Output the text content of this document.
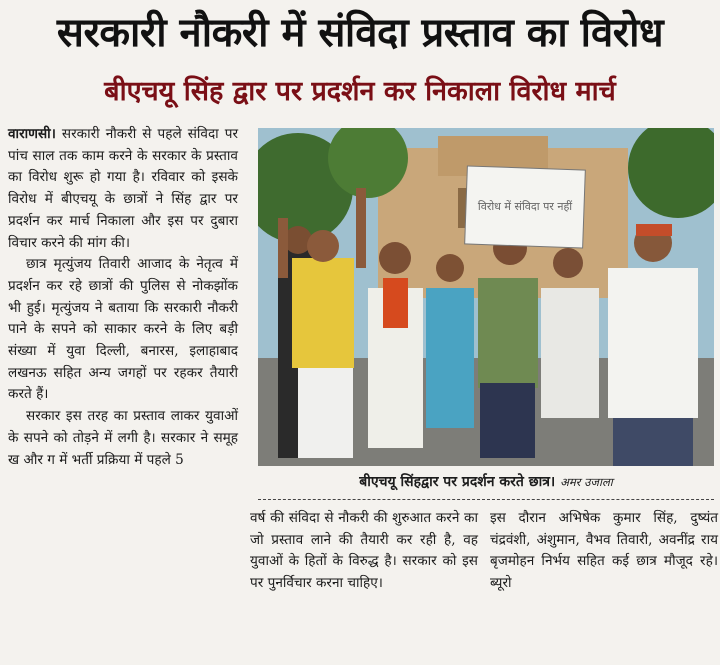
सरकारी नौकरी में संविदा प्रस्ताव का विरोध
बीएचयू सिंह द्वार पर प्रदर्शन कर निकाला विरोध मार्च

वाराणसी। सरकारी नौकरी से पहले संविदा पर पांच साल तक काम करने के सरकार के प्रस्ताव का विरोध शुरू हो गया है। रविवार को इसके विरोध में बीएचयू के छात्रों ने सिंह द्वार पर प्रदर्शन कर मार्च निकाला और इस पर दुबारा विचार करने की मांग की।

छात्र मृत्युंजय तिवारी आजाद के नेतृत्व में प्रदर्शन कर रहे छात्रों की पुलिस से नोकझोंक भी हुई। मृत्युंजय ने बताया कि सरकारी नौकरी पाने के सपने को साकार करने के लिए बड़ी संख्या में युवा दिल्ली, बनारस, इलाहाबाद लखनऊ सहित अन्य जगहों पर रहकर तैयारी करते हैं।

सरकार इस तरह का प्रस्ताव लाकर युवाओं के सपने को तोड़ने में लगी है। सरकार ने समूह ख और ग में भर्ती प्रक्रिया में पहले 5

विरोध में संविदा पर नहीं
बीएचयू सिंहद्वार पर प्रदर्शन करते छात्र। अमर उजाला

वर्ष की संविदा से नौकरी की शुरुआत करने का जो प्रस्ताव लाने की तैयारी कर रही है, वह युवाओं के हितों के विरुद्ध है। सरकार को इस पर पुनर्विचार करना चाहिए।

इस दौरान अभिषेक कुमार सिंह, दुष्यंत चंद्रवंशी, अंशुमान, वैभव तिवारी, अवनींद्र राय बृजमोहन निर्भय सहित कई छात्र मौजूद रहे। ब्यूरो
